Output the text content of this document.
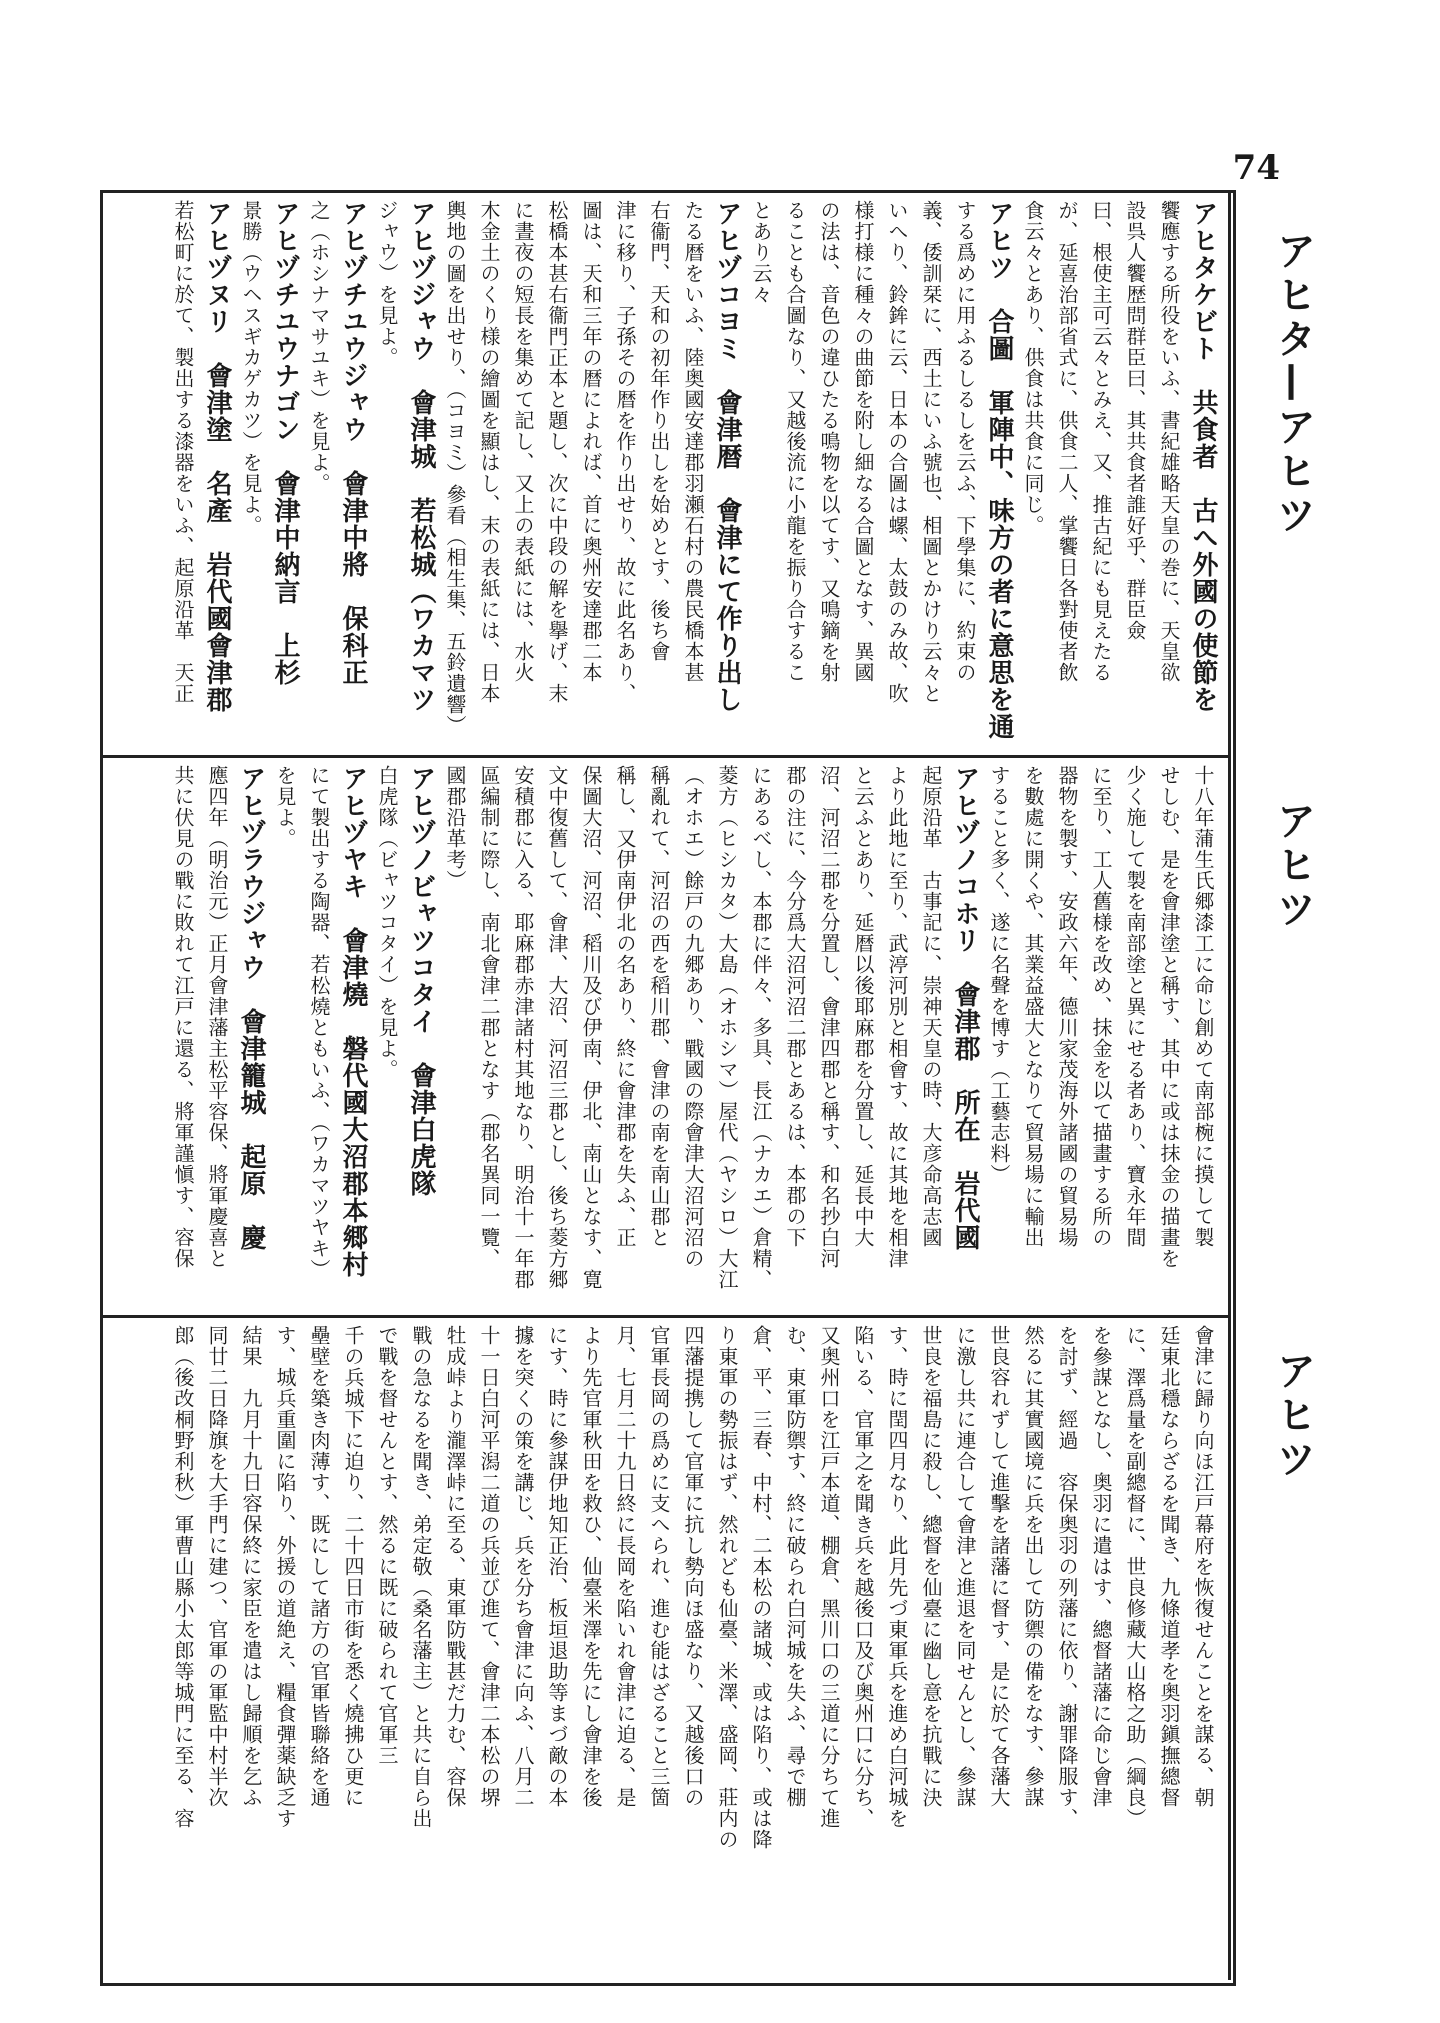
74
アヒタ—アヒツ
アヒツ
アヒツ
アヒタケビト　共食者　古へ外國の使節を
饗應する所役をいふ、書紀雄略天皇の巻に、天皇欲
設呉人饗歴問群臣曰、其共食者誰好乎、群臣僉
曰、根使主可云々とみえ、又、推古紀にも見えたる
が、延喜治部省式に、供食二人、掌饗日各對使者飲
食云々とあり、供食は共食に同じ。
アヒツ　合圖　軍陣中、味方の者に意思を通
する爲めに用ふるしるしを云ふ、下學集に、約束の
義、倭訓栞に、西土にいふ號也、相圖とかけり云々と
いへり、鈴鉾に云、日本の合圖は螺、太鼓のみ故、吹
様打様に種々の曲節を附し細なる合圖となす、異國
の法は、音色の違ひたる鳴物を以てす、又鳴鏑を射
ることも合圖なり、又越後流に小龍を振り合するこ
とあり云々
アヒヅコヨミ　會津暦　會津にて作り出し
たる暦をいふ、陸奥國安達郡羽瀬石村の農民橋本甚
右衞門、天和の初年作り出しを始めとす、後ち會
津に移り、子孫その暦を作り出せり、故に此名あり、
圖は、天和三年の暦によれば、首に奥州安達郡二本
松橋本甚右衞門正本と題し、次に中段の解を擧げ、末
に晝夜の短長を集めて記し、又上の表紙には、水火
木金土のくり様の繪圖を顯はし、末の表紙には、日本
輿地の圖を出せり、（コヨミ）參看（相生集、五鈴遺響）
アヒヅジャウ　會津城　若松城（ワカマツ
ジャウ）を見よ。
アヒヅチユウジャウ　會津中將　保科正
之（ホシナマサユキ）を見よ。
アヒヅチユウナゴン　會津中納言　上杉
景勝（ウヘスギカゲカツ）を見よ。
アヒヅヌリ　會津塗　名產　岩代國會津郡
若松町に於て、製出する漆器をいふ、起原沿革　天正
十八年蒲生氏郷漆工に命じ創めて南部椀に摸して製
せしむ、是を會津塗と稱す、其中に或は抹金の描畫を
少く施して製を南部塗と異にせる者あり、寶永年間
に至り、工人舊様を改め、抹金を以て描畫する所の
器物を製す、安政六年、德川家茂海外諸國の貿易場
を數處に開くや、其業益盛大となりて貿易場に輸出
すること多く、遂に名聲を博す（工藝志料）
アヒヅノコホリ　會津郡　所在　岩代國
起原沿革　古事記に、崇神天皇の時、大彦命高志國
より此地に至り、武渟河別と相會す、故に其地を相津
と云ふとあり、延暦以後耶麻郡を分置し、延長中大
沼、河沼二郡を分置し、會津四郡と稱す、和名抄白河
郡の注に、今分爲大沼河沼二郡とあるは、本郡の下
にあるべし、本郡に伴々、多具、長江（ナカエ）倉精、
菱方（ヒシカタ）大島（オホシマ）屋代（ヤシロ）大江
（オホエ）餘戸の九郷あり、戰國の際會津大沼河沼の
稱亂れて、河沼の西を稻川郡、會津の南を南山郡と
稱し、又伊南伊北の名あり、終に會津郡を失ふ、正
保圖大沼、河沼、稻川及び伊南、伊北、南山となす、寛
文中復舊して、會津、大沼、河沼三郡とし、後ち菱方郷
安積郡に入る、耶麻郡赤津諸村其地なり、明治十一年郡
區編制に際し、南北會津二郡となす（郡名異同一覽、
國郡沿革考）
アヒヅノビャツコタイ　會津白虎隊
白虎隊（ビャツコタイ）を見よ。
アヒヅヤキ　會津燒　磐代國大沼郡本郷村
にて製出する陶器、若松燒ともいふ、（ワカマツヤキ）
を見よ。
アヒヅラウジャウ　會津籠城　起原　慶
應四年（明治元）正月會津藩主松平容保、將軍慶喜と
共に伏見の戰に敗れて江戸に還る、將軍謹愼す、容保
會津に歸り向ほ江戸幕府を恢復せんことを謀る、朝
廷東北穩ならざるを聞き、九條道孝を奥羽鎭撫總督
に、澤爲量を副總督に、世良修藏大山格之助（綱良）
を參謀となし、奥羽に遣はす、總督諸藩に命じ會津
を討ず、經過　容保奥羽の列藩に依り、謝罪降服す、
然るに其實國境に兵を出して防禦の備をなす、參謀
世良容れずして進擊を諸藩に督す、是に於て各藩大
に激し共に連合して會津と進退を同せんとし、參謀
世良を福島に殺し、總督を仙臺に幽し意を抗戰に決
す、時に閏四月なり、此月先づ東軍兵を進め白河城を
陷いる、官軍之を聞き兵を越後口及び奥州口に分ち、
又奥州口を江戸本道、棚倉、黑川口の三道に分ちて進
む、東軍防禦す、終に破られ白河城を失ふ、尋で棚
倉、平、三春、中村、二本松の諸城、或は陷り、或は降
り東軍の勢振はず、然れども仙臺、米澤、盛岡、莊内の
四藩提携して官軍に抗し勢向ほ盛なり、又越後口の
官軍長岡の爲めに支へられ、進む能はざること三箇
月、七月二十九日終に長岡を陷いれ會津に迫る、是
より先官軍秋田を救ひ、仙臺米澤を先にし會津を後
にす、時に參謀伊地知正治、板垣退助等まづ敵の本
據を突くの策を講じ、兵を分ち會津に向ふ、八月二
十一日白河平潟二道の兵並び進て、會津二本松の堺
牡成峠より瀧澤峠に至る、東軍防戰甚だ力む、容保
戰の急なるを聞き、弟定敬（桑名藩主）と共に自ら出
で戰を督せんとす、然るに既に破られて官軍三
千の兵城下に迫り、二十四日市街を悉く燒拂ひ更に
壘壁を築き肉薄す、既にして諸方の官軍皆聯絡を通
す、城兵重圍に陷り、外援の道絶え、糧食彈薬缺乏す
結果　九月十九日容保終に家臣を遣はし歸順を乞ふ
同廿二日降旗を大手門に建つ、官軍の軍監中村半次
郎（後改桐野利秋）軍曹山縣小太郎等城門に至る、容
